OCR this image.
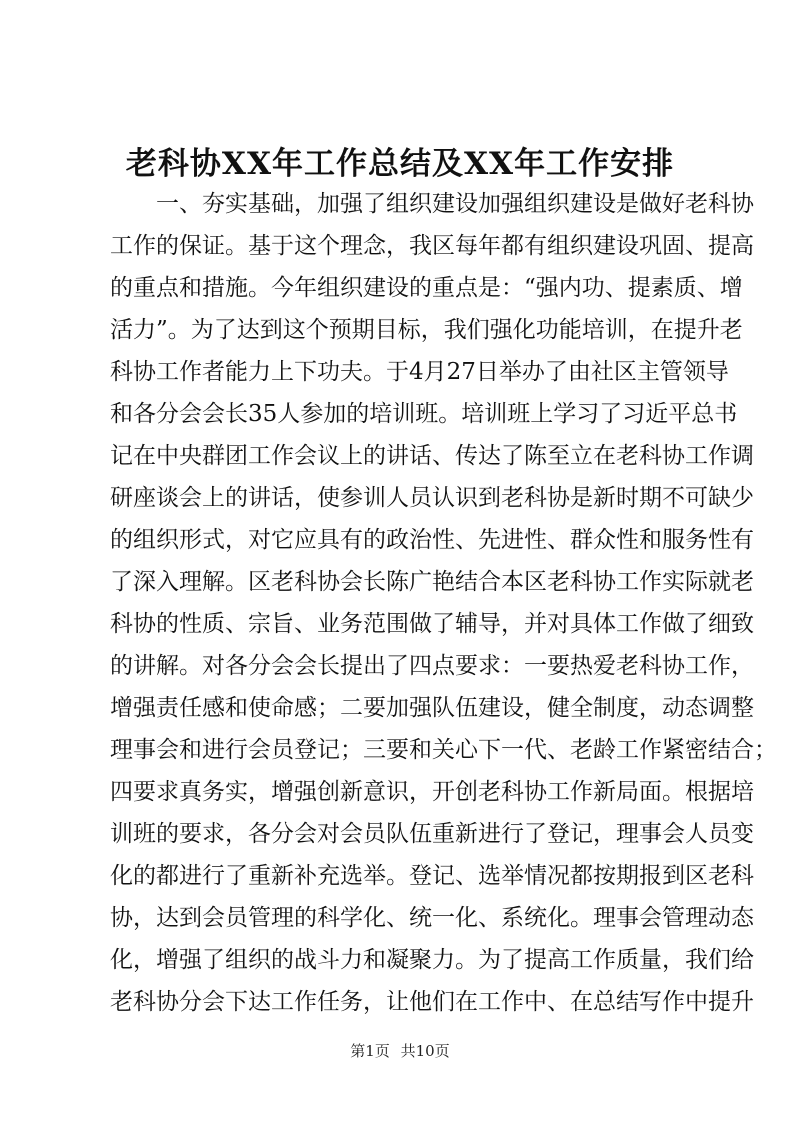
老科协XX年工作总结及XX年工作安排
　　一、夯实基础，加强了组织建设加强组织建设是做好老科协
工作的保证。基于这个理念，我区每年都有组织建设巩固、提高
的重点和措施。今年组织建设的重点是：“强内功、提素质、增
活力”。为了达到这个预期目标，我们强化功能培训，在提升老
科协工作者能力上下功夫。于4月27日举办了由社区主管领导
和各分会会长35人参加的培训班。培训班上学习了习近平总书
记在中央群团工作会议上的讲话、传达了陈至立在老科协工作调
研座谈会上的讲话，使参训人员认识到老科协是新时期不可缺少
的组织形式，对它应具有的政治性、先进性、群众性和服务性有
了深入理解。区老科协会长陈广艳结合本区老科协工作实际就老
科协的性质、宗旨、业务范围做了辅导，并对具体工作做了细致
的讲解。对各分会会长提出了四点要求：一要热爱老科协工作，
增强责任感和使命感；二要加强队伍建设，健全制度，动态调整
理事会和进行会员登记；三要和关心下一代、老龄工作紧密结合；
四要求真务实，增强创新意识，开创老科协工作新局面。根据培
训班的要求，各分会对会员队伍重新进行了登记，理事会人员变
化的都进行了重新补充选举。登记、选举情况都按期报到区老科
协，达到会员管理的科学化、统一化、系统化。理事会管理动态
化，增强了组织的战斗力和凝聚力。为了提高工作质量，我们给
老科协分会下达工作任务，让他们在工作中、在总结写作中提升
第1页 共10页
